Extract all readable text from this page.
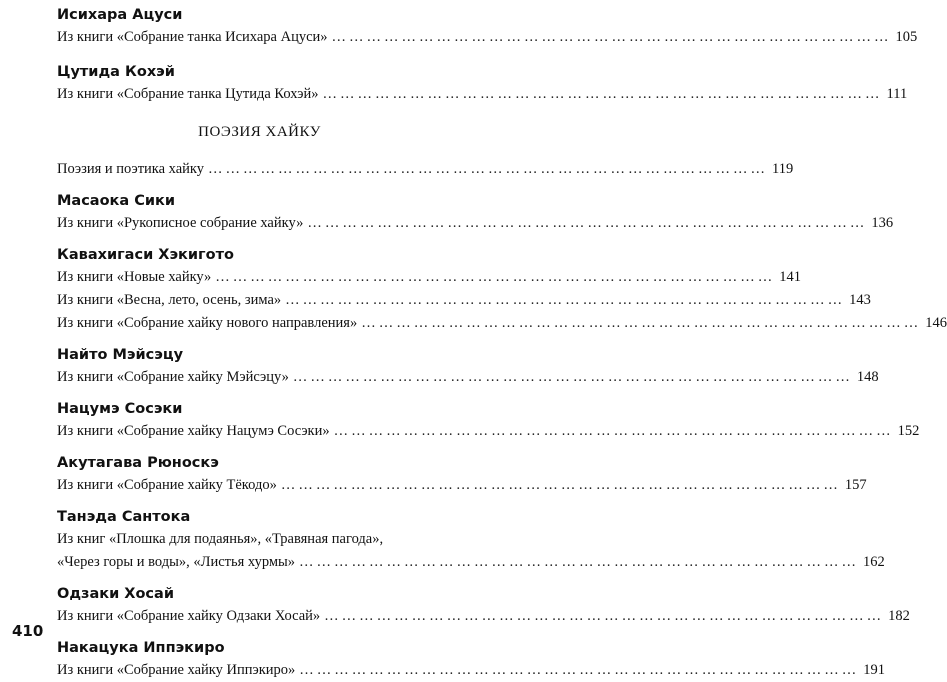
Исихара Ацуси
Из книги «Собрание танка Исихара Ацуси» …………………………………………………………………………………… 105
Цутида Кохэй
Из книги «Собрание танка Цутида Кохэй» …………………………………………………………………………………… 111
ПОЭЗИЯ ХАЙКУ
Поэзия и поэтика хайку …………………………………………………………………………………… 119
Масаока Сики
Из книги «Рукописное собрание хайку» …………………………………………………………………………………… 136
Кавахигаси Хэкигото
Из книги «Новые хайку» …………………………………………………………………………………… 141
Из книги «Весна, лето, осень, зима» …………………………………………………………………………………… 143
Из книги «Собрание хайку нового направления» …………………………………………………………………………………… 146
Найто Мэйсэцу
Из книги «Собрание хайку Мэйсэцу» …………………………………………………………………………………… 148
Нацумэ Сосэки
Из книги «Собрание хайку Нацумэ Сосэки» …………………………………………………………………………………… 152
Акутагава Рюноскэ
Из книги «Собрание хайку Тёкодо» …………………………………………………………………………………… 157
Танэда Сантока
Из книг «Плошка для подаянья», «Травяная пагода»,
«Через горы и воды», «Листья хурмы» …………………………………………………………………………………… 162
Одзаки Хосай
Из книги «Собрание хайку Одзаки Хосай» …………………………………………………………………………………… 182
Накацука Иппэкиро
Из книги «Собрание хайку Иппэкиро» …………………………………………………………………………………… 191
410
